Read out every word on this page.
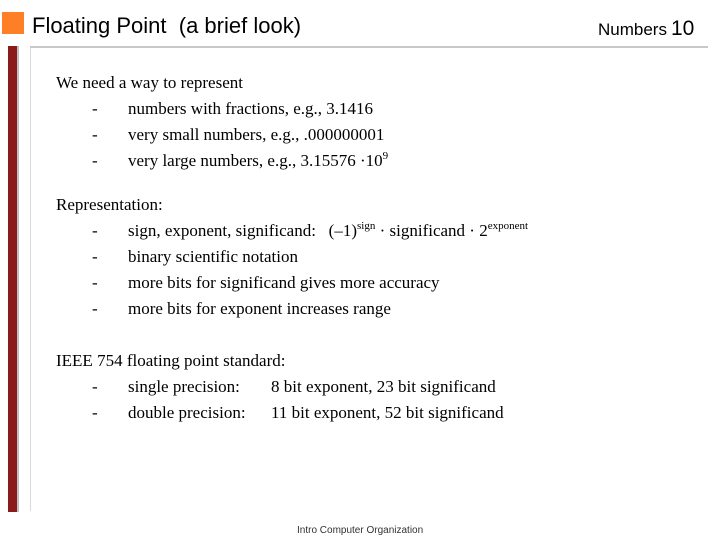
Floating Point  (a brief look)	Numbers 10
We need a way to represent
- numbers with fractions, e.g., 3.1416
- very small numbers, e.g., .000000001
- very large numbers, e.g., $3.15576 \cdot 10^9$
Representation:
- sign, exponent, significand: $(-1)^{sign}$ · significand · $2^{exponent}$
- binary scientific notation
- more bits for significand gives more accuracy
- more bits for exponent increases range
IEEE 754 floating point standard:
- single precision: 8 bit exponent, 23 bit significand
- double precision: 11 bit exponent, 52 bit significand
Intro Computer Organization
